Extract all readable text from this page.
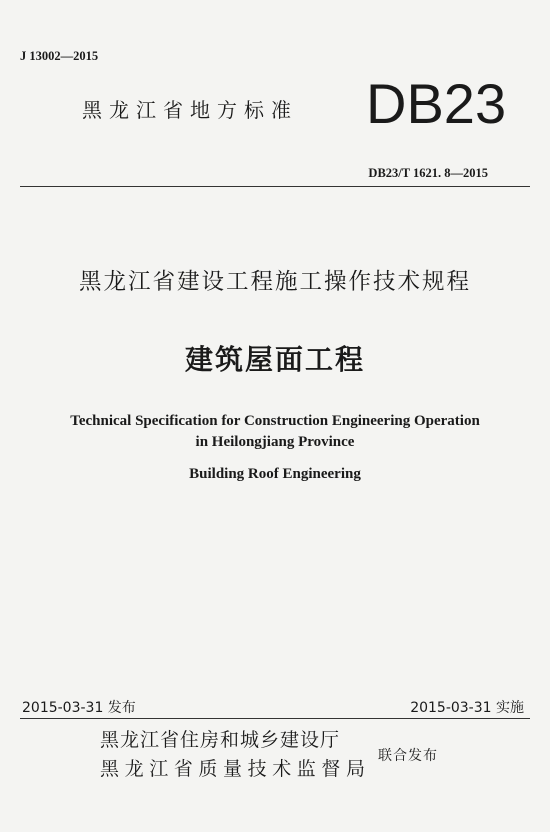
J 13002—2015
黑龙江省地方标准 DB23
DB23/T 1621. 8—2015
黑龙江省建设工程施工操作技术规程
建筑屋面工程
Technical Specification for Construction Engineering Operation
in Heilongjiang Province
Building Roof Engineering
2015-03-31 发布	2015-03-31 实施
黑龙江省住房和城乡建设厅
黑龙江省质量技术监督局
联合发布
